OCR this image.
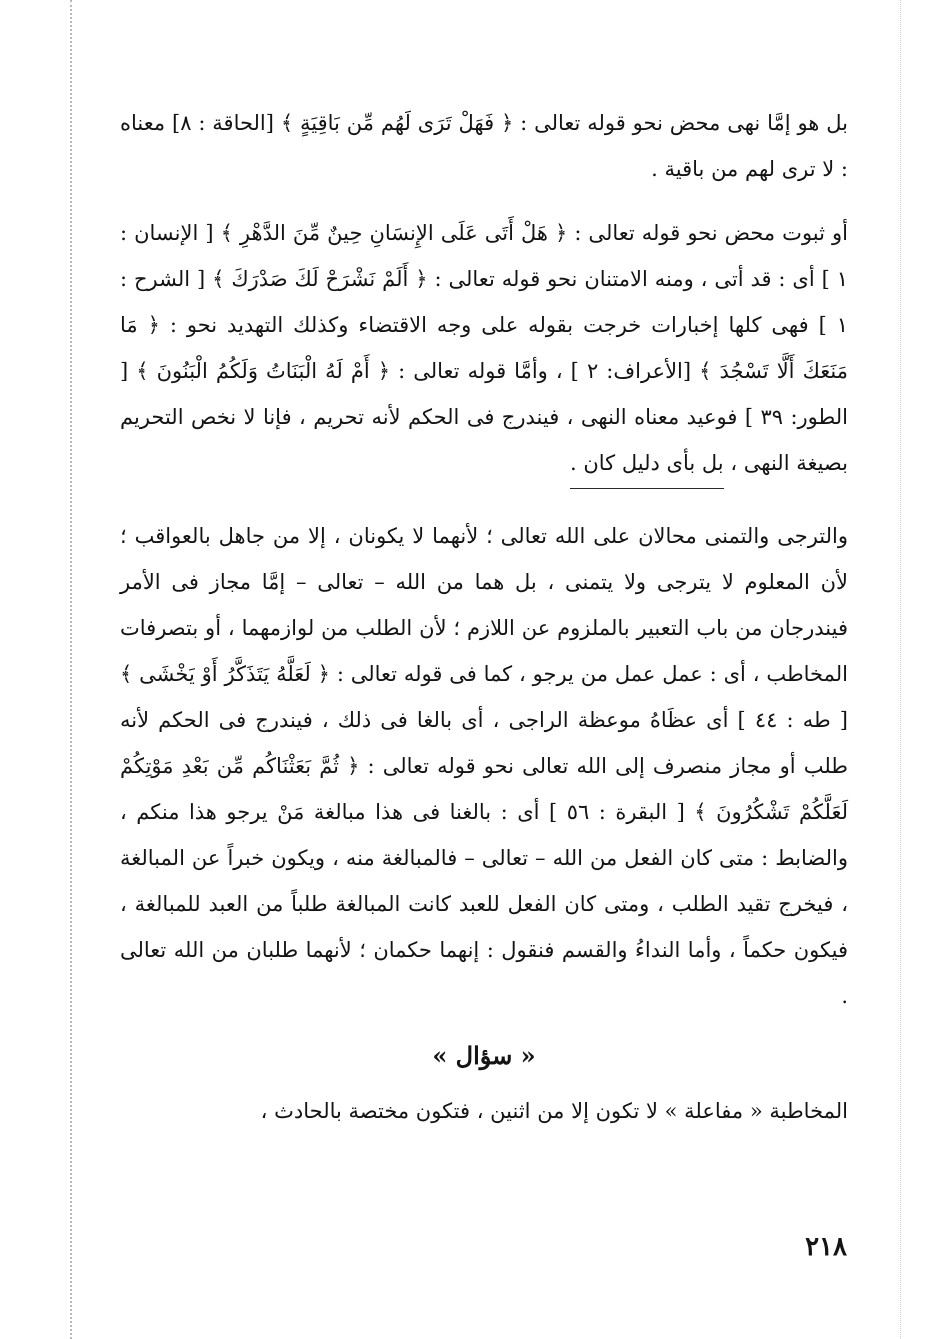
بل هو إمَّا نهى محض نحو قوله تعالى : ﴿ فَهَلْ تَرَى لَهُم مِّن بَاقِيَةٍ ﴾ [الحاقة : ٨] معناه : لا ترى لهم من باقية .

أو ثبوت محض نحو قوله تعالى : ﴿ هَلْ أَتَى عَلَى الإِنسَانِ حِينٌ مِّنَ الدَّهْرِ ﴾ [ الإنسان : ١ ] أى : قد أتى ، ومنه الامتنان نحو قوله تعالى : ﴿ أَلَمْ نَشْرَحْ لَكَ صَدْرَكَ ﴾ [ الشرح : ١ ] فهى كلها إخبارات خرجت بقوله على وجه الاقتضاء وكذلك التهديد نحو : ﴿ مَا مَنَعَكَ أَلَّا تَسْجُدَ ﴾ [الأعراف: ٢ ] ، وأمَّا قوله تعالى : ﴿ أَمْ لَهُ الْبَنَاتُ وَلَكُمُ الْبَنُونَ ﴾ [ الطور: ٣٩ ] فوعيد معناه النهى ، فيندرج فى الحكم لأنه تحريم ، فإنا لا نخص التحريم بصيغة النهى ، بل بأى دليل كان .

والترجى والتمنى محالان على الله تعالى ؛ لأنهما لا يكونان ، إلا من جاهل بالعواقب ؛ لأن المعلوم لا يترجى ولا يتمنى ، بل هما من الله – تعالى – إمَّا مجاز فى الأمر فيندرجان من باب التعبير بالملزوم عن اللازم ؛ لأن الطلب من لوازمهما ، أو بتصرفات المخاطب ، أى : عمل عمل من يرجو ، كما فى قوله تعالى : ﴿ لَعَلَّهُ يَتَذَكَّرُ أَوْ يَخْشَى ﴾ [ طه : ٤٤ ] أى عظَاهُ موعظة الراجى ، أى بالغا فى ذلك ، فيندرج فى الحكم لأنه طلب أو مجاز منصرف إلى الله تعالى نحو قوله تعالى : ﴿ ثُمَّ بَعَثْنَاكُم مِّن بَعْدِ مَوْتِكُمْ لَعَلَّكُمْ تَشْكُرُونَ ﴾ [ البقرة : ٥٦ ] أى : بالغنا فى هذا مبالغة مَنْ يرجو هذا منكم ، والضابط : متى كان الفعل من الله – تعالى – فالمبالغة منه ، ويكون خبراً عن المبالغة ، فيخرج تقيد الطلب ، ومتى كان الفعل للعبد كانت المبالغة طلباً من العبد للمبالغة ، فيكون حكماً ، وأما النداءُ والقسم فنقول : إنهما حكمان ؛ لأنهما طلبان من الله تعالى .

« سؤال »

المخاطبة « مفاعلة » لا تكون إلا من اثنين ، فتكون مختصة بالحادث ،

٢١٨
